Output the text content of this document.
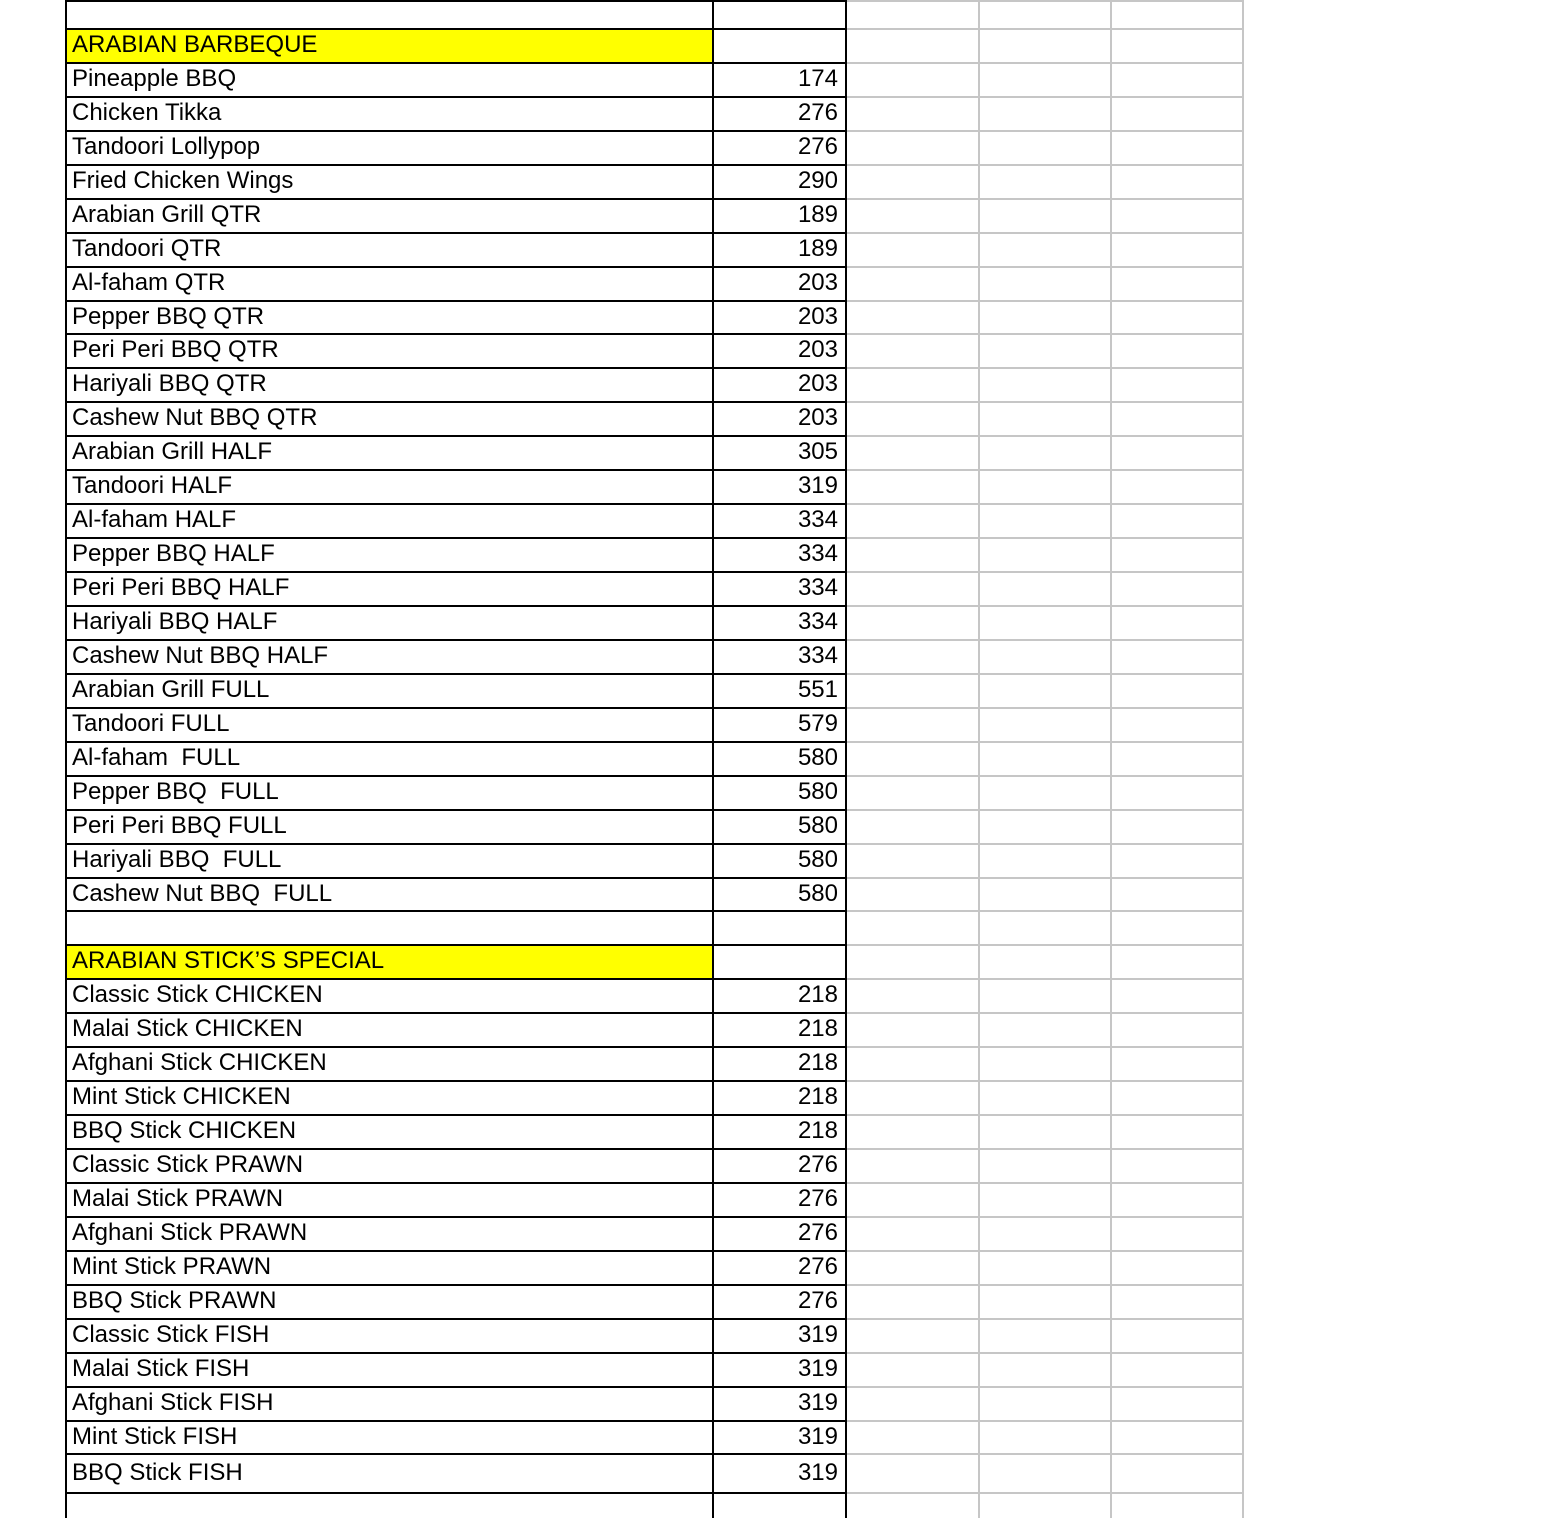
ARABIAN BARBEQUE
Pineapple BBQ	174
Chicken Tikka	276
Tandoori Lollypop	276
Fried Chicken Wings	290
Arabian Grill QTR	189
Tandoori QTR	189
Al-faham QTR	203
Pepper BBQ QTR	203
Peri Peri BBQ QTR	203
Hariyali BBQ QTR	203
Cashew Nut BBQ QTR	203
Arabian Grill HALF	305
Tandoori HALF	319
Al-faham HALF	334
Pepper BBQ HALF	334
Peri Peri BBQ HALF	334
Hariyali BBQ HALF	334
Cashew Nut BBQ HALF	334
Arabian Grill FULL	551
Tandoori FULL	579
Al-faham  FULL	580
Pepper BBQ  FULL	580
Peri Peri BBQ FULL	580
Hariyali BBQ  FULL	580
Cashew Nut BBQ  FULL	580
ARABIAN STICK’S SPECIAL
Classic Stick CHICKEN	218
Malai Stick CHICKEN	218
Afghani Stick CHICKEN	218
Mint Stick CHICKEN	218
BBQ Stick CHICKEN	218
Classic Stick PRAWN	276
Malai Stick PRAWN	276
Afghani Stick PRAWN	276
Mint Stick PRAWN	276
BBQ Stick PRAWN	276
Classic Stick FISH	319
Malai Stick FISH	319
Afghani Stick FISH	319
Mint Stick FISH	319
BBQ Stick FISH	319
